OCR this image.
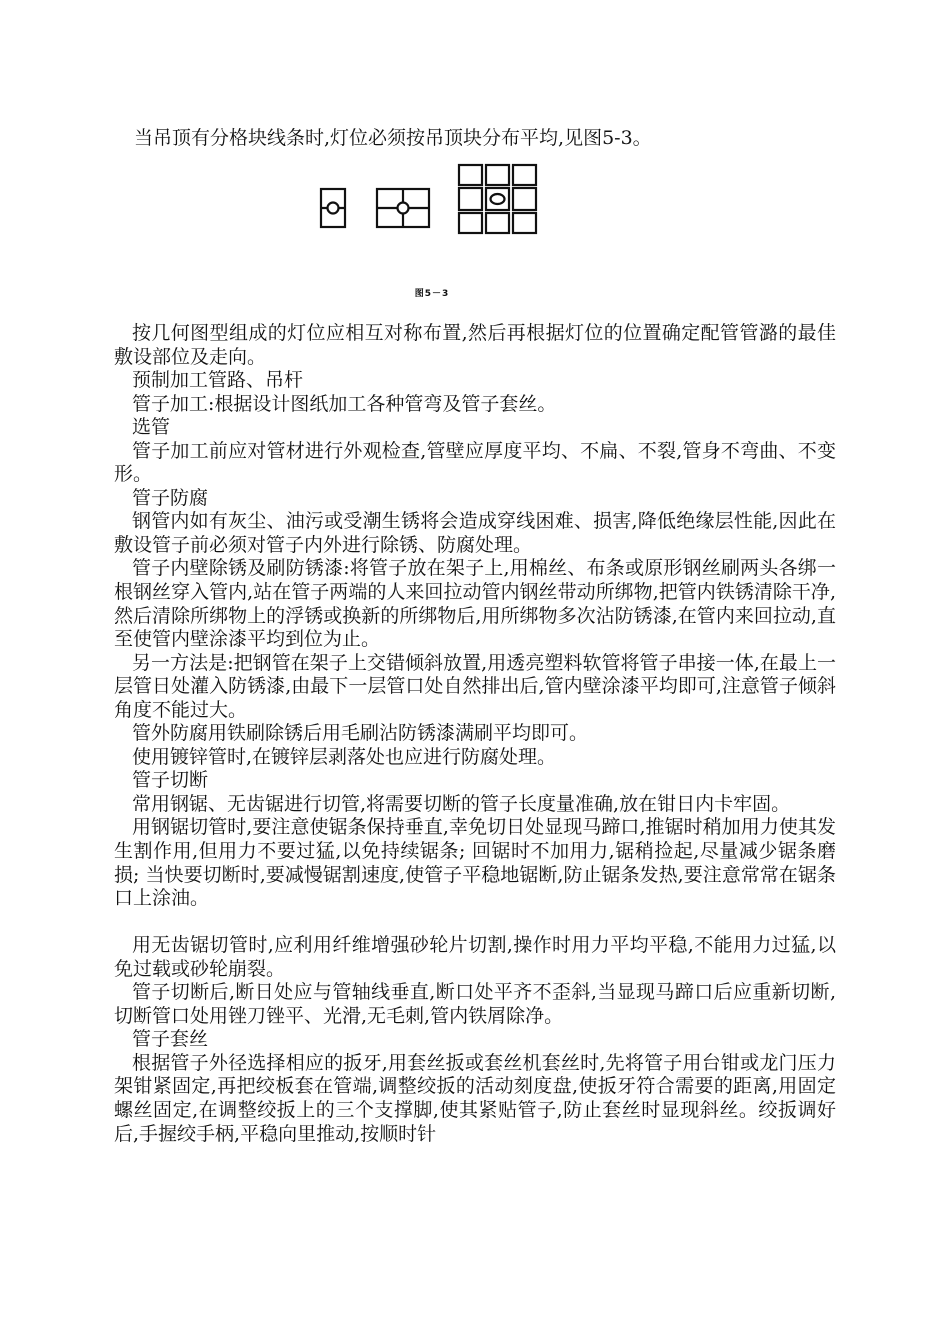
当吊顶有分格块线条时,灯位必须按吊顶块分布平均,见图5-3。
图5－3

按几何图型组成的灯位应相互对称布置,然后再根据灯位的位置确定配管管潞的最佳敷设部位及走向。

预制加工管路、吊杆

管子加工:根据设计图纸加工各种管弯及管子套丝。

选管

管子加工前应对管材进行外观检查,管壁应厚度平均、不扁、不裂,管身不弯曲、不变形。

管子防腐

钢管内如有灰尘、油污或受潮生锈将会造成穿线困难、损害,降低绝缘层性能,因此在敷设管子前必须对管子内外进行除锈、防腐处理。

管子内壁除锈及刷防锈漆:将管子放在架子上,用棉丝、布条或原形钢丝刷两头各绑一根钢丝穿入管内,站在管子两端的人来回拉动管内钢丝带动所绑物,把管内铁锈清除干净,然后清除所绑物上的浮锈或换新的所绑物后,用所绑物多次沾防锈漆,在管内来回拉动,直至使管内壁涂漆平均到位为止。

另一方法是:把钢管在架子上交错倾斜放置,用透亮塑料软管将管子串接一体,在最上一层管日处灌入防锈漆,由最下一层管口处自然排出后,管内壁涂漆平均即可,注意管子倾斜角度不能过大。

管外防腐用铁刷除锈后用毛刷沾防锈漆满刷平均即可。

使用镀锌管时,在镀锌层剥落处也应进行防腐处理。

管子切断

常用钢锯、无齿锯进行切管,将需要切断的管子长度量准确,放在钳日内卡牢固。

用钢锯切管时,要注意使锯条保持垂直,幸免切日处显现马蹄口,推锯时稍加用力使其发生割作用,但用力不要过猛,以免持续锯条; 回锯时不加用力,锯稍捡起,尽量减少锯条磨损; 当快要切断时,要减慢锯割速度,使管子平稳地锯断,防止锯条发热,要注意常常在锯条口上涂油。

用无齿锯切管时,应利用纤维增强砂轮片切割,操作时用力平均平稳,不能用力过猛,以免过载或砂轮崩裂。

管子切断后,断日处应与管轴线垂直,断口处平齐不歪斜,当显现马蹄口后应重新切断,切断管口处用锉刀锉平、光滑,无毛刺,管内铁屑除净。

管子套丝

根据管子外径选择相应的扳牙,用套丝扳或套丝机套丝时,先将管子用台钳或龙门压力架钳紧固定,再把绞板套在管端,调整绞扳的活动刻度盘,使扳牙符合需要的距离,用固定螺丝固定,在调整绞扳上的三个支撑脚,使其紧贴管子,防止套丝时显现斜丝。绞扳调好后,手握绞手柄,平稳向里推动,按顺时针
